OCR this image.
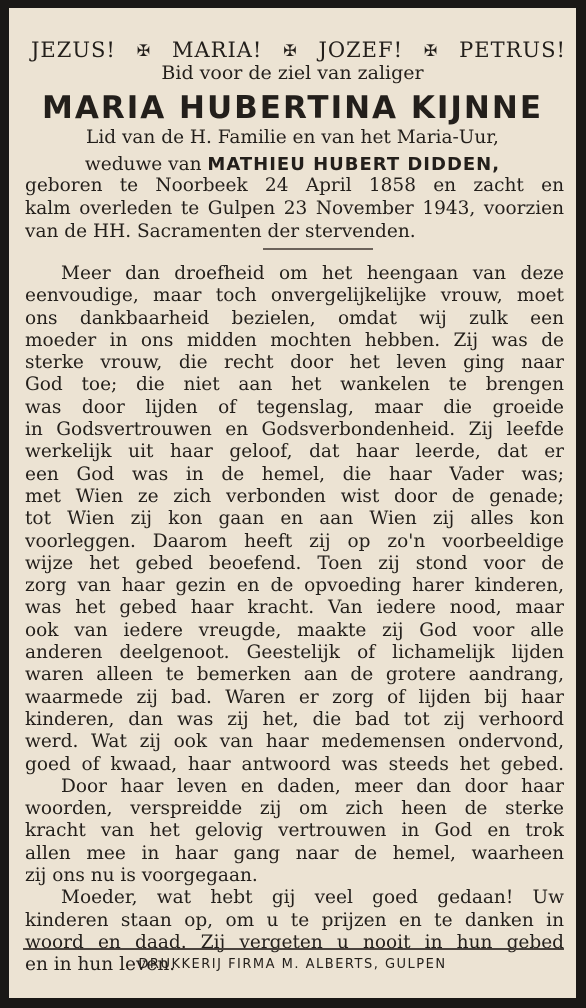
JEZUS! ✠ MARIA! ✠ JOZEF! ✠ PETRUS!
Bid voor de ziel van zaliger
MARIA HUBERTINA KIJNNE
Lid van de H. Familie en van het Maria-Uur,
weduwe van MATHIEU HUBERT DIDDEN,
geboren te Noorbeek 24 April 1858 en zacht en
kalm overleden te Gulpen 23 November 1943, voorzien
van de HH. Sacramenten der stervenden.
Meer dan droefheid om het heengaan van deze
eenvoudige, maar toch onvergelijkelijke vrouw, moet
ons dankbaarheid bezielen, omdat wij zulk een
moeder in ons midden mochten hebben. Zij was de
sterke vrouw, die recht door het leven ging naar
God toe; die niet aan het wankelen te brengen
was door lijden of tegenslag, maar die groeide
in Godsvertrouwen en Godsverbondenheid. Zij leefde
werkelijk uit haar geloof, dat haar leerde, dat er
een God was in de hemel, die haar Vader was;
met Wien ze zich verbonden wist door de genade;
tot Wien zij kon gaan en aan Wien zij alles kon
voorleggen. Daarom heeft zij op zo'n voorbeeldige
wijze het gebed beoefend. Toen zij stond voor de
zorg van haar gezin en de opvoeding harer kinderen,
was het gebed haar kracht. Van iedere nood, maar
ook van iedere vreugde, maakte zij God voor alle
anderen deelgenoot. Geestelijk of lichamelijk lijden
waren alleen te bemerken aan de grotere aandrang,
waarmede zij bad. Waren er zorg of lijden bij haar
kinderen, dan was zij het, die bad tot zij verhoord
werd. Wat zij ook van haar medemensen ondervond,
goed of kwaad, haar antwoord was steeds het gebed.
Door haar leven en daden, meer dan door haar
woorden, verspreidde zij om zich heen de sterke
kracht van het gelovig vertrouwen in God en trok
allen mee in haar gang naar de hemel, waarheen
zij ons nu is voorgegaan.
Moeder, wat hebt gij veel goed gedaan! Uw
kinderen staan op, om u te prijzen en te danken in
woord en daad. Zij vergeten u nooit in hun gebed
en in hun leven.
DRUKKERIJ FIRMA M. ALBERTS, GULPEN
